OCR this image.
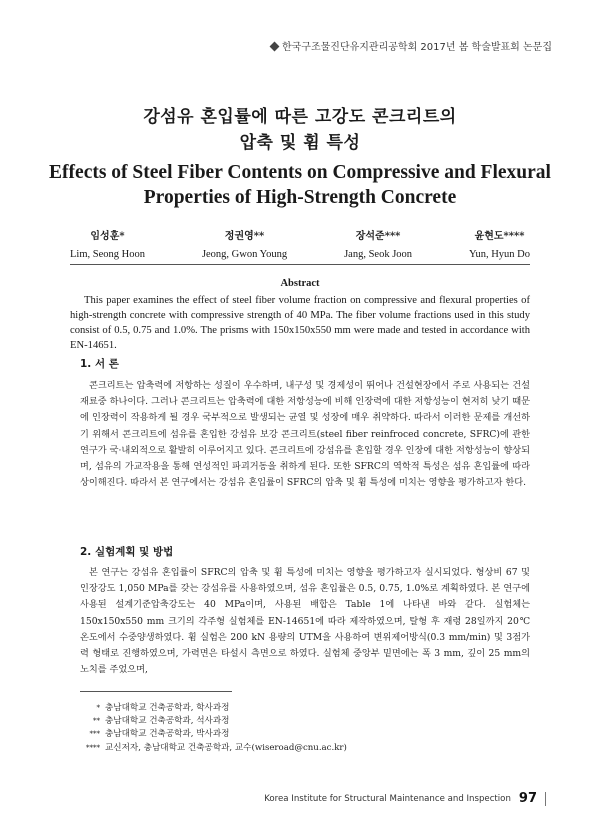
한국구조물진단유지관리공학회 2017년 봄 학술발표회 논문집
강섬유 혼입률에 따른 고강도 콘크리트의
압축 및 휨 특성
Effects of Steel Fiber Contents on Compressive and Flexural
Properties of High-Strength Concrete
임성훈*
Lim, Seong Hoon
정권영**
Jeong, Gwon Young
장석준***
Jang, Seok Joon
윤현도****
Yun, Hyun Do
Abstract

This paper examines the effect of steel fiber volume fraction on compressive and flexural properties of high-strength concrete with compressive strength of 40 MPa. The fiber volume fractions used in this study consist of 0.5, 0.75 and 1.0%. The prisms with 150x150x550 mm were made and tested in accordance with EN-14651.

1. 서 론

콘크리트는 압축력에 저항하는 성질이 우수하며, 내구성 및 경제성이 뛰어나 건설현장에서 주로 사용되는 건설재료중 하나이다. 그러나 콘크리트는 압축력에 대한 저항성능에 비해 인장력에 대한 저항성능이 현저히 낮기 때문에 인장력이 작용하게 될 경우 국부적으로 발생되는 균열 및 성장에 매우 취약하다. 따라서 이러한 문제를 개선하기 위해서 콘크리트에 섬유를 혼입한 강섬유 보강 콘크리트(steel fiber reinfroced concrete, SFRC)에 관한 연구가 국·내외적으로 활발히 이루어지고 있다. 콘크리트에 강섬유를 혼입할 경우 인장에 대한 저항성능이 향상되며, 섬유의 가교작용을 통해 연성적인 파괴거동을 취하게 된다. 또한 SFRC의 역학적 특성은 섬유 혼입률에 따라 상이해진다. 따라서 본 연구에서는 강섬유 혼입률이 SFRC의 압축 및 휨 특성에 미치는 영향을 평가하고자 한다.

2. 실험계획 및 방법

본 연구는 강섬유 혼입률이 SFRC의 압축 및 휨 특성에 미치는 영향을 평가하고자 실시되었다. 형상비 67 및 인장강도 1,050 MPa를 갖는 강섬유를 사용하였으며, 섬유 혼입률은 0.5, 0.75, 1.0%로 계획하였다. 본 연구에 사용된 설계기준압축강도는 40 MPa이며, 사용된 배합은 Table 1에 나타낸 바와 같다. 실험체는 150x150x550 mm 크기의 각주형 실험체를 EN-14651에 따라 제작하였으며, 탈형 후 재령 28일까지 20℃ 온도에서 수중양생하였다. 휨 실험은 200 kN 용량의 UTM을 사용하여 변위제어방식(0.3 mm/min) 및 3점가력 형태로 진행하였으며, 가력면은 타설시 측면으로 하였다. 실험체 중앙부 밑면에는 폭 3 mm, 깊이 25 mm의 노치를 주었으며,

* 충남대학교 건축공학과, 학사과정
** 충남대학교 건축공학과, 석사과정
*** 충남대학교 건축공학과, 박사과정
**** 교신저자, 충남대학교 건축공학과, 교수(wiseroad@cnu.ac.kr)
Korea Institute for Structural Maintenance and Inspection 97
